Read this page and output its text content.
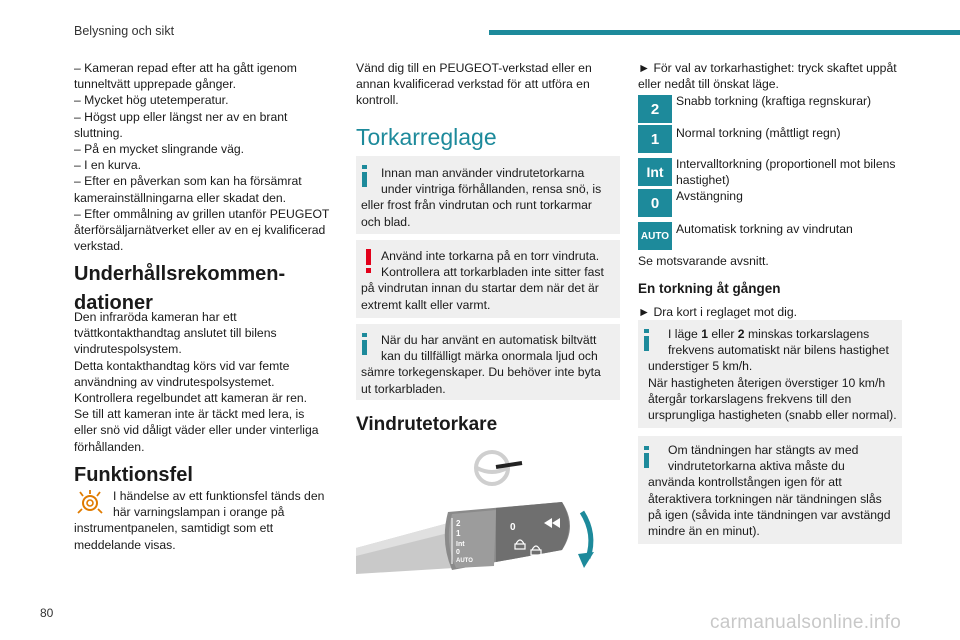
Belysning och sikt
– Kameran repad efter att ha gått igenom
tunneltvätt upprepade gånger.
– Mycket hög utetemperatur.
– Högst upp eller längst ner av en brant
sluttning.
– På en mycket slingrande väg.
– I en kurva.
– Efter en påverkan som kan ha försämrat
kamerainställningarna eller skadat den.
– Efter ommålning av grillen utanför PEUGEOT
återförsäljarnätverket eller av en ej kvalificerad
verkstad.
Underhållsrekommen-
dationer
Den infraröda kameran har ett
tvättkontakthandtag anslutet till bilens
vindrutespolsystem.
Detta kontakthandtag körs vid var femte
användning av vindrutespolsystemet.
Kontrollera regelbundet att kameran är ren.
Se till att kameran inte är täckt med lera, is
eller snö vid dåligt väder eller under vinterliga
förhållanden.
Funktionsfel
I händelse av ett funktionsfel tänds den
här varningslampan i orange på
instrumentpanelen, samtidigt som ett
meddelande visas.
Vänd dig till en PEUGEOT-verkstad eller en
annan kvalificerad verkstad för att utföra en
kontroll.
Torkarreglage
Innan man använder vindrutetorkarna
under vintriga förhållanden, rensa snö, is
eller frost från vindrutan och runt torkarmar
och blad.
Använd inte torkarna på en torr vindruta.
Kontrollera att torkarbladen inte sitter fast
på vindrutan innan du startar dem när det är
extremt kallt eller varmt.
När du har använt en automatisk biltvätt
kan du tillfälligt märka onormala ljud och
sämre torkegenskaper. Du behöver inte byta
ut torkarbladen.
Vindrutetorkare
2
1
Int
0
AUTO
0
► För val av torkarhastighet: tryck skaftet uppåt
eller nedåt till önskat läge.
2	Snabb torkning (kraftiga regnskurar)
1	Normal torkning (måttligt regn)
Int	Intervalltorkning (proportionell mot bilens
hastighet)
0	Avstängning
AUTO Automatisk torkning av vindrutan
Se motsvarande avsnitt.
En torkning åt gången
► Dra kort i reglaget mot dig.
I läge 1 eller 2 minskas torkarslagens
frekvens automatiskt när bilens hastighet
understiger 5 km/h.
När hastigheten återigen överstiger 10 km/h
återgår torkarslagens frekvens till den
ursprungliga hastigheten (snabb eller normal).
Om tändningen har stängts av med
vindrutetorkarna aktiva måste du
använda kontrollstången igen för att
återaktivera torkningen när tändningen slås
på igen (såvida inte tändningen var avstängd
mindre än en minut).
80	carmanualsonline.info
